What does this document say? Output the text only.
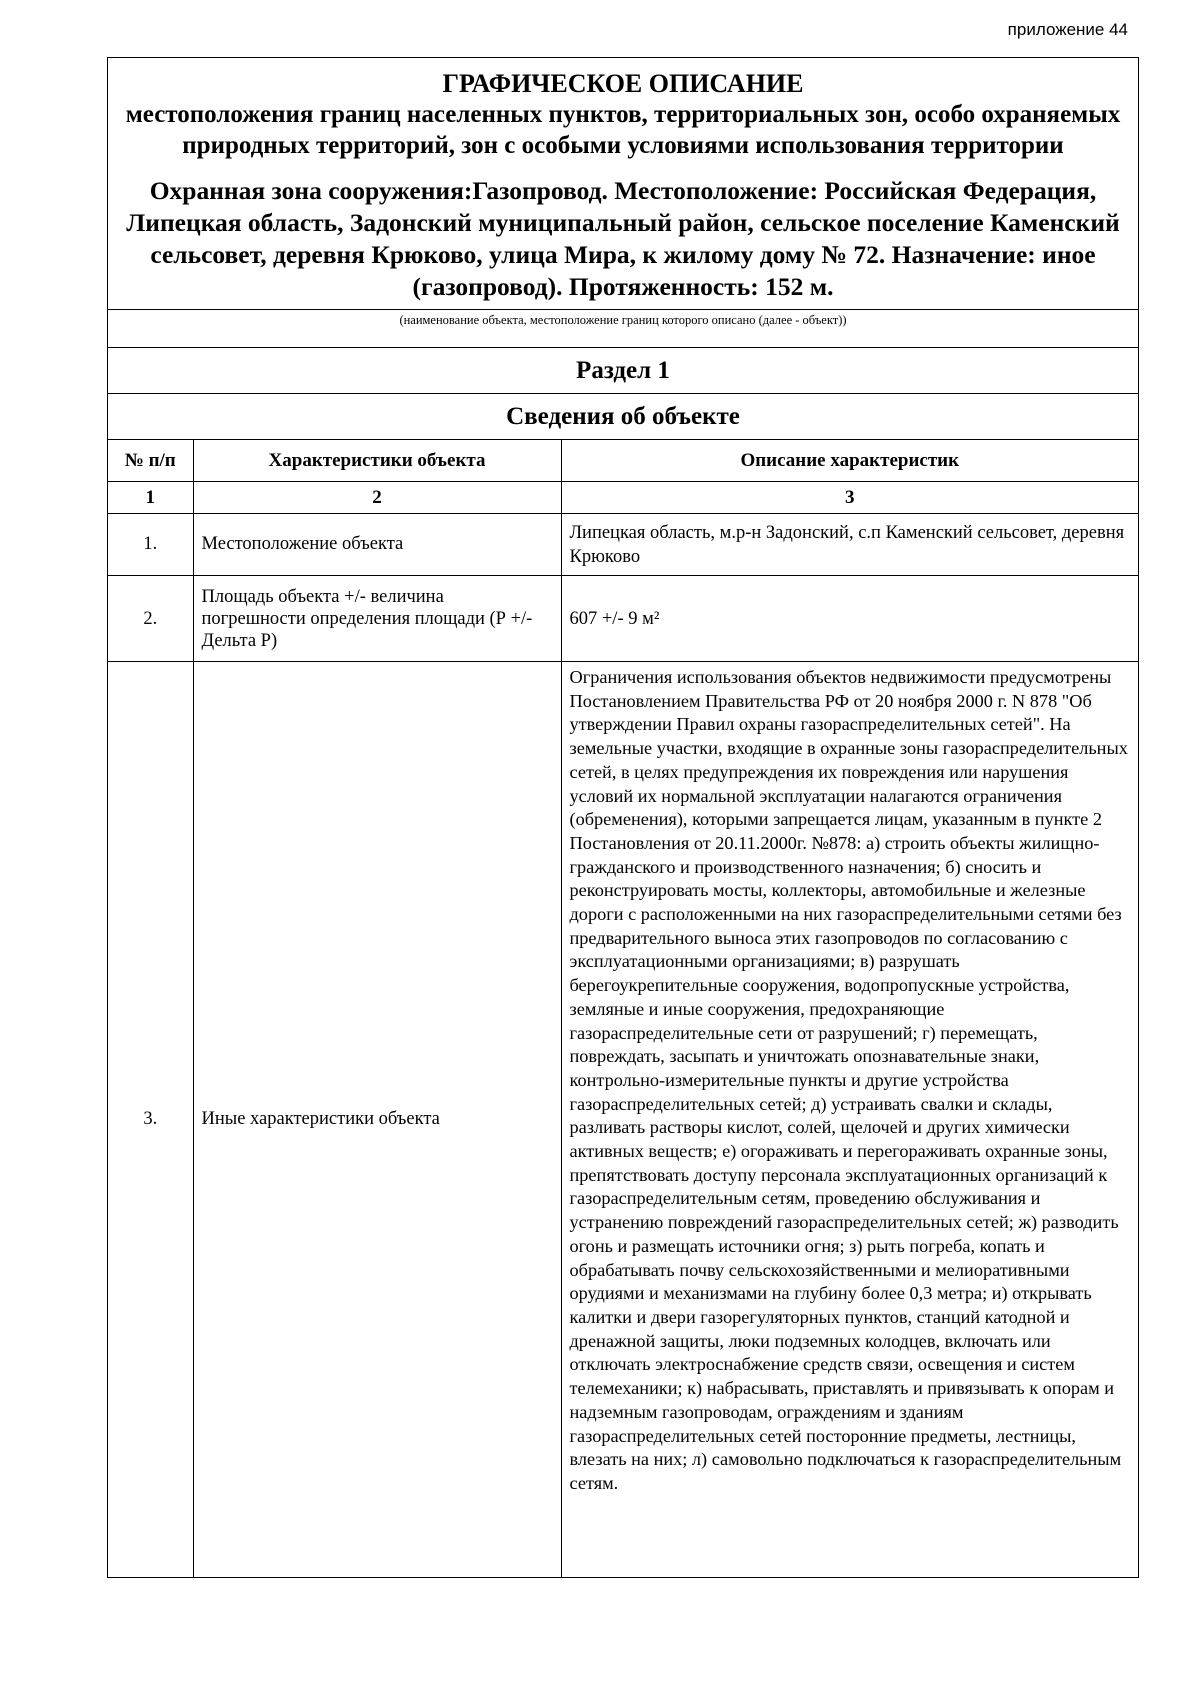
приложение 44
ГРАФИЧЕСКОЕ ОПИСАНИЕ
местоположения границ населенных пунктов, территориальных зон, особо охраняемых природных территорий, зон с особыми условиями использования территории
Охранная зона сооружения:Газопровод. Местоположение: Российская Федерация, Липецкая область, Задонский муниципальный район, сельское поселение Каменский сельсовет, деревня Крюково, улица Мира, к жилому дому № 72. Назначение: иное (газопровод). Протяженность: 152 м.
(наименование объекта, местоположение границ которого описано (далее - объект))
Раздел 1
Сведения об объекте
№ п/п	Характеристики объекта	Описание характеристик
1	2	3
1.	Местоположение объекта	Липецкая область, м.р-н Задонский, с.п Каменский сельсовет, деревня Крюково
2.	Площадь объекта +/- величина погрешности определения площади (Р +/- Дельта Р)	607 +/- 9 м²
3.	Иные характеристики объекта	Ограничения использования объектов недвижимости предусмотрены Постановлением Правительства РФ от 20 ноября 2000 г. N 878 "Об утверждении Правил охраны газораспределительных сетей". На земельные участки, входящие в охранные зоны газораспределительных сетей, в целях предупреждения их повреждения или нарушения условий их нормальной эксплуатации налагаются ограничения (обременения), которыми запрещается лицам, указанным в пункте 2 Постановления от 20.11.2000г. №878: а) строить объекты жилищно-гражданского и производственного назначения; б) сносить и реконструировать мосты, коллекторы, автомобильные и железные дороги с расположенными на них газораспределительными сетями без предварительного выноса этих газопроводов по согласованию с эксплуатационными организациями; в) разрушать берегоукрепительные сооружения, водопропускные устройства, земляные и иные сооружения, предохраняющие газораспределительные сети от разрушений; г) перемещать, повреждать, засыпать и уничтожать опознавательные знаки, контрольно-измерительные пункты и другие устройства газораспределительных сетей; д) устраивать свалки и склады, разливать растворы кислот, солей, щелочей и других химически активных веществ; е) огораживать и перегораживать охранные зоны, препятствовать доступу персонала эксплуатационных организаций к газораспределительным сетям, проведению обслуживания и устранению повреждений газораспределительных сетей; ж) разводить огонь и размещать источники огня; з) рыть погреба, копать и обрабатывать почву сельскохозяйственными и мелиоративными орудиями и механизмами на глубину более 0,3 метра; и) открывать калитки и двери газорегуляторных пунктов, станций катодной и дренажной защиты, люки подземных колодцев, включать или отключать электроснабжение средств связи, освещения и систем телемеханики; к) набрасывать, приставлять и привязывать к опорам и надземным газопроводам, ограждениям и зданиям газораспределительных сетей посторонние предметы, лестницы, влезать на них; л) самовольно подключаться к газораспределительным сетям.
